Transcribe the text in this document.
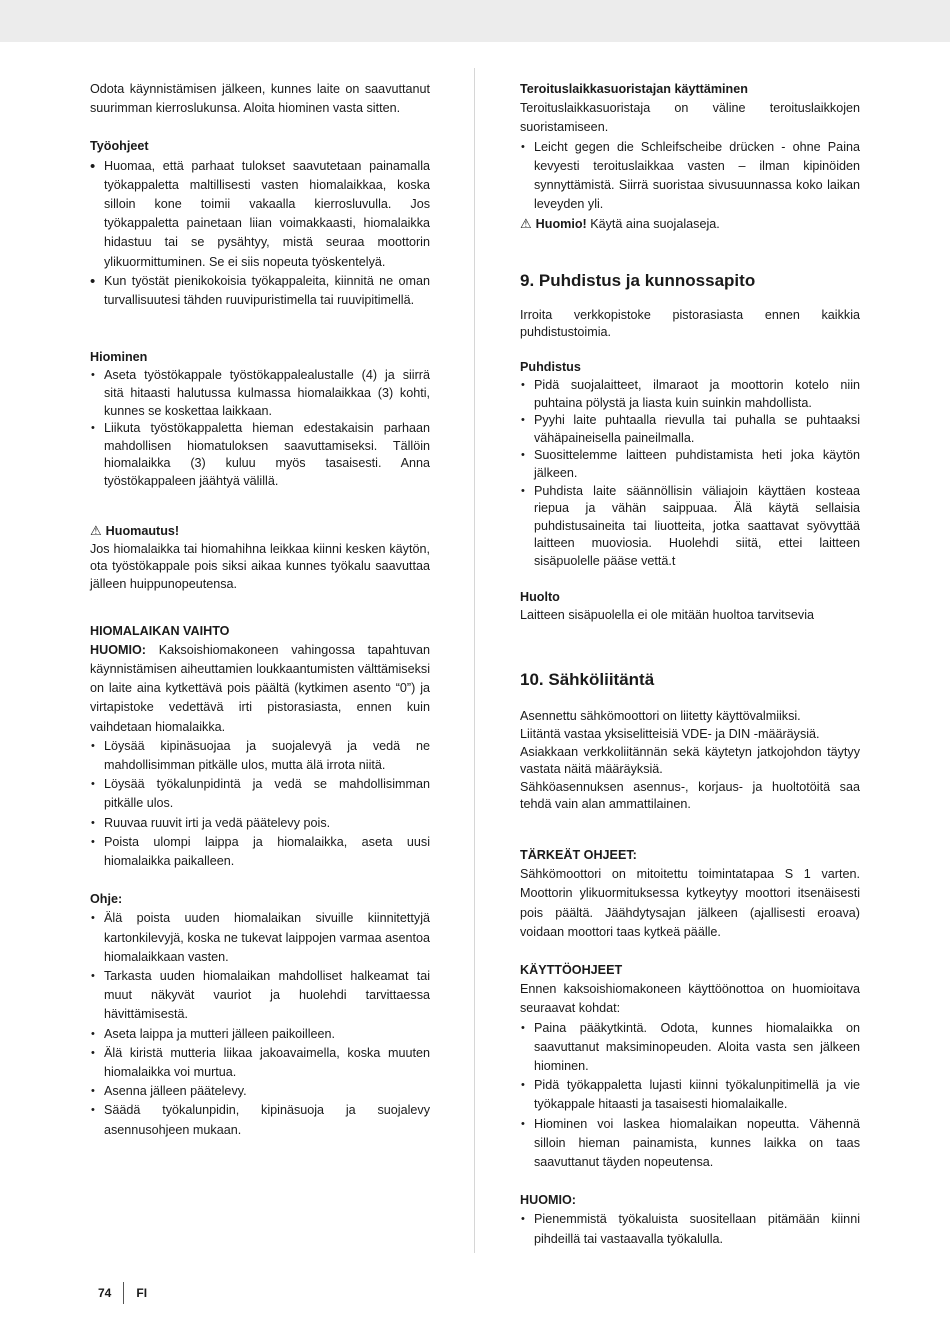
Odota käynnistämisen jälkeen, kunnes laite on saavuttanut suurimman kierroslukunsa. Aloita hiominen vasta sitten.

Työohjeet

• Huomaa, että parhaat tulokset saavutetaan painamalla työkappaletta maltillisesti vasten hiomalaikkaa, koska silloin kone toimii vakaalla kierrosluvulla. Jos työkappaletta painetaan liian voimakkaasti, hiomalaikka hidastuu tai se pysähtyy, mistä seuraa moottorin ylikuormittuminen. Se ei siis nopeuta työskentelyä.
• Kun työstät pienikokoisia työkappaleita, kiinnitä ne oman turvallisuutesi tähden ruuvipuristimella tai ruuvipitimellä.

Hiominen

• Aseta työstökappale työstökappalealustalle (4) ja siirrä sitä hitaasti halutussa kulmassa hiomalaikkaa (3) kohti, kunnes se koskettaa laikkaan.
• Liikuta työstökappaletta hieman edestakaisin parhaan mahdollisen hiomatuloksen saavuttamiseksi. Tällöin hiomalaikka (3) kuluu myös tasaisesti. Anna työstökappaleen jäähtyä välillä.

⚠ Huomautus!

Jos hiomalaikka tai hiomahihna leikkaa kiinni kesken käytön, ota työstökappale pois siksi aikaa kunnes työkalu saavuttaa jälleen huippunopeutensa.

HIOMALAIKAN VAIHTO

HUOMIO: Kaksoishiomakoneen vahingossa tapahtuvan käynnistämisen aiheuttamien loukkaantumisten välttämiseksi on laite aina kytkettävä pois päältä (kytkimen asento “0”) ja virtapistoke vedettävä irti pistorasiasta, ennen kuin vaihdetaan hiomalaikka.

• Löysää kipinäsuojaa ja suojalevyä ja vedä ne mahdollisimman pitkälle ulos, mutta älä irrota niitä.
• Löysää työkalunpidintä ja vedä se mahdollisimman pitkälle ulos.
• Ruuvaa ruuvit irti ja vedä päätelevy pois.
• Poista ulompi laippa ja hiomalaikka, aseta uusi hiomalaikka paikalleen.

Ohje:

• Älä poista uuden hiomalaikan sivuille kiinnitettyjä kartonkilevyjä, koska ne tukevat laippojen varmaa asentoa hiomalaikkaan vasten.
• Tarkasta uuden hiomalaikan mahdolliset halkeamat tai muut näkyvät vauriot ja huolehdi tarvittaessa hävittämisestä.
• Aseta laippa ja mutteri jälleen paikoilleen.
• Älä kiristä mutteria liikaa jakoavaimella, koska muuten hiomalaikka voi murtua.
• Asenna jälleen päätelevy.
• Säädä työkalunpidin, kipinäsuoja ja suojalevy asennusohjeen mukaan.

Teroituslaikkasuoristajan käyttäminen

Teroituslaikkasuoristaja on väline teroituslaikkojen suoristamiseen.

• Leicht gegen die Schleifscheibe drücken - ohne Paina kevyesti teroituslaikkaa vasten – ilman kipinöiden synnyttämistä. Siirrä suoristaa sivusuunnassa koko laikan leveyden yli.

⚠ Huomio! Käytä aina suojalaseja.

9. Puhdistus ja kunnossapito

Irroita verkkopistoke pistorasiasta ennen kaikkia puhdistustoimia.

Puhdistus

• Pidä suojalaitteet, ilmaraot ja moottorin kotelo niin puhtaina pölystä ja liasta kuin suinkin mahdollista.
• Pyyhi laite puhtaalla rievulla tai puhalla se puhtaaksi vähäpaineisella paineilmalla.
• Suosittelemme laitteen puhdistamista heti joka käytön jälkeen.
• Puhdista laite säännöllisin väliajoin käyttäen kosteaa riepua ja vähän saippuaa. Älä käytä sellaisia puhdistusaineita tai liuotteita, jotka saattavat syövyttää laitteen muoviosia. Huolehdi siitä, ettei laitteen sisäpuolelle pääse vettä.t

Huolto

Laitteen sisäpuolella ei ole mitään huoltoa tarvitsevia

10. Sähköliitäntä

Asennettu sähkömoottori on liitetty käyttövalmiiksi.

Liitäntä vastaa yksiselitteisiä VDE- ja DIN -määräysiä.

Asiakkaan verkkoliitännän sekä käytetyn jatkojohdon täytyy vastata näitä määräyksiä.

Sähköasennuksen asennus-, korjaus- ja huoltotöitä saa tehdä vain alan ammattilainen.

TÄRKEÄT OHJEET:

Sähkömoottori on mitoitettu toimintatapaa S 1 varten. Moottorin ylikuormituksessa kytkeytyy moottori itsenäisesti pois päältä. Jäähdytysajan jälkeen (ajallisesti eroava) voidaan moottori taas kytkeä päälle.

KÄYTTÖOHJEET

Ennen kaksoishiomakoneen käyttöönottoa on huomioitava seuraavat kohdat:

• Paina pääkytkintä. Odota, kunnes hiomalaikka on saavuttanut maksiminopeuden. Aloita vasta sen jälkeen hiominen.
• Pidä työkappaletta lujasti kiinni työkalunpitimellä ja vie työkappale hitaasti ja tasaisesti hiomalaikalle.
• Hiominen voi laskea hiomalaikan nopeutta. Vähennä silloin hieman painamista, kunnes laikka on taas saavuttanut täyden nopeutensa.

HUOMIO:

• Pienemmistä työkaluista suositellaan pitämään kiinni pihdeillä tai vastaavalla työkalulla.
74 FI
